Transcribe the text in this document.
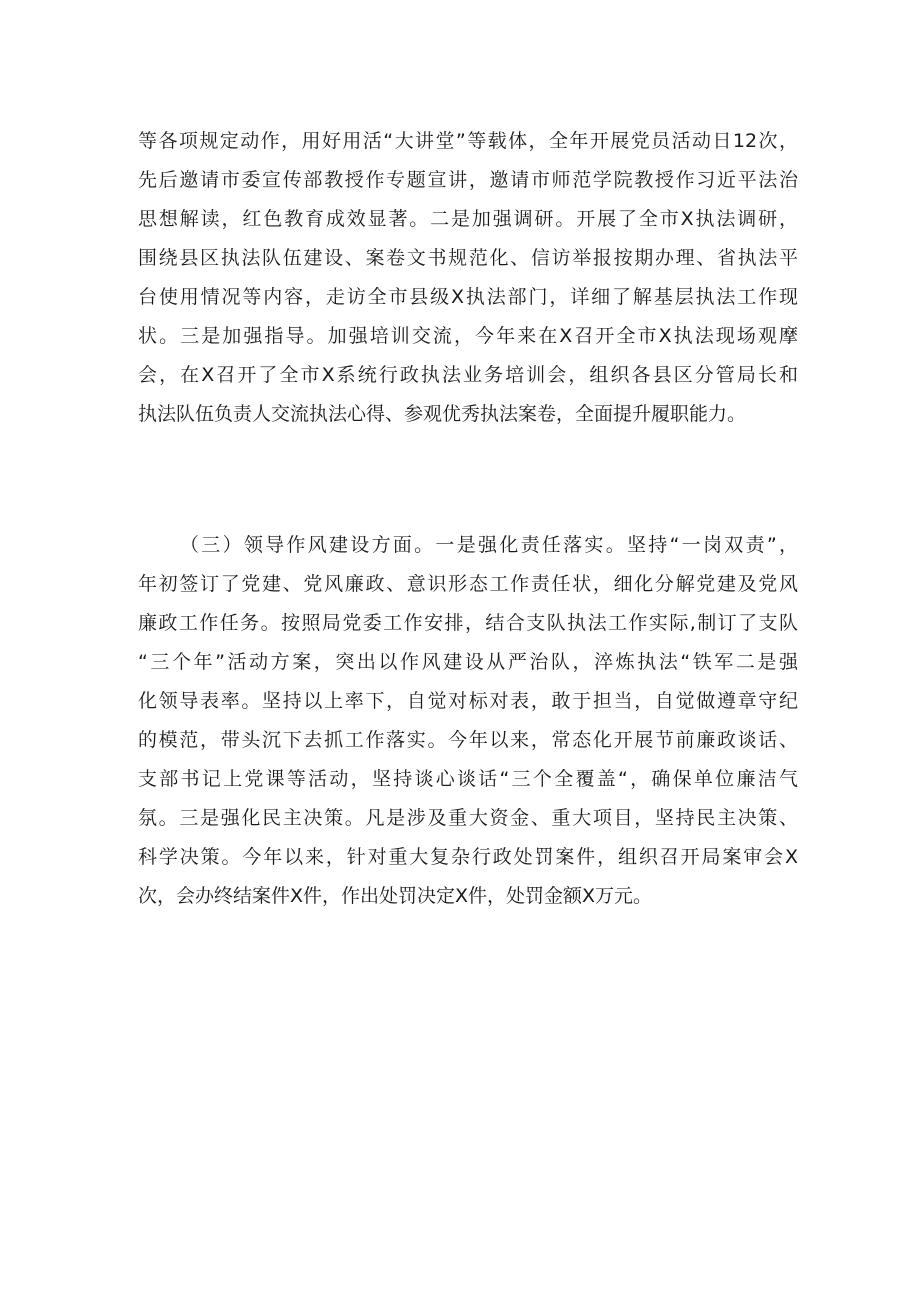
等各项规定动作，用好用活“大讲堂”等载体，全年开展党员活动日12次，
先后邀请市委宣传部教授作专题宣讲，邀请市师范学院教授作习近平法治
思想解读，红色教育成效显著。二是加强调研。开展了全市X执法调研，
围绕县区执法队伍建设、案卷文书规范化、信访举报按期办理、省执法平
台使用情况等内容，走访全市县级X执法部门，详细了解基层执法工作现
状。三是加强指导。加强培训交流，今年来在X召开全市X执法现场观摩
会，在X召开了全市X系统行政执法业务培训会，组织各县区分管局长和
执法队伍负责人交流执法心得、参观优秀执法案卷，全面提升履职能力。
（三）领导作风建设方面。一是强化责任落实。坚持“一岗双责”，
年初签订了党建、党风廉政、意识形态工作责任状，细化分解党建及党风
廉政工作任务。按照局党委工作安排，结合支队执法工作实际,制订了支队
“三个年”活动方案，突出以作风建设从严治队，淬炼执法“铁军二是强
化领导表率。坚持以上率下，自觉对标对表，敢于担当，自觉做遵章守纪
的模范，带头沉下去抓工作落实。今年以来，常态化开展节前廉政谈话、
支部书记上党课等活动，坚持谈心谈话“三个全覆盖“，确保单位廉洁气
氛。三是强化民主决策。凡是涉及重大资金、重大项目，坚持民主决策、
科学决策。今年以来，针对重大复杂行政处罚案件，组织召开局案审会X
次，会办终结案件X件，作出处罚决定X件，处罚金额X万元。
